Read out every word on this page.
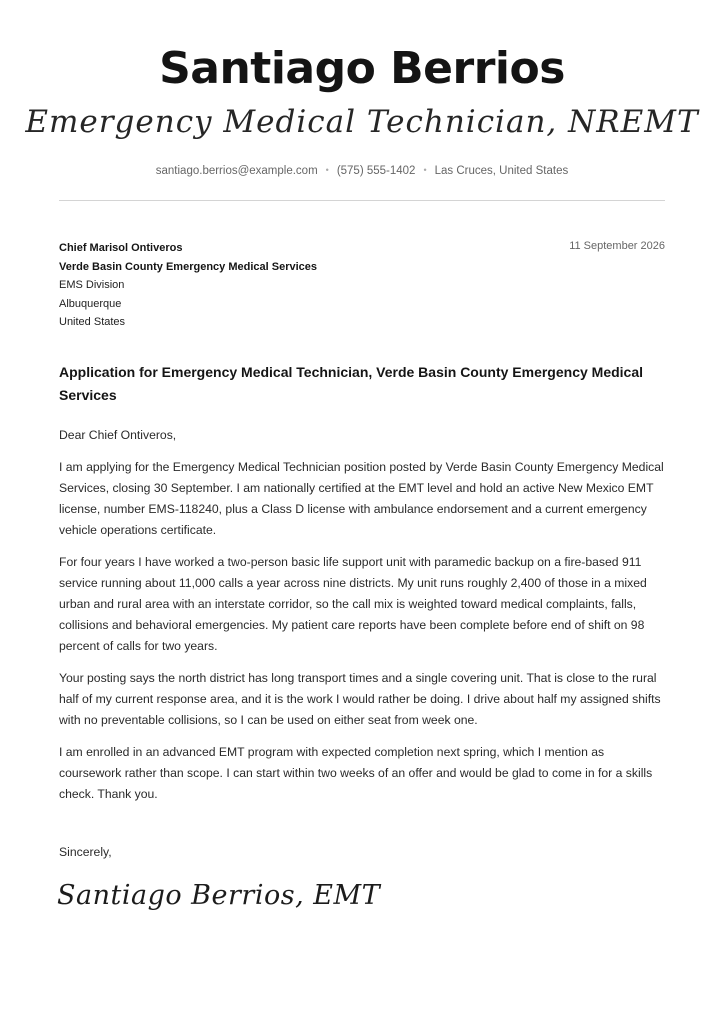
Santiago Berrios
Emergency Medical Technician, NREMT
santiago.berrios@example.com • (575) 555-1402 • Las Cruces, United States
11 September 2026
Chief Marisol Ontiveros
Verde Basin County Emergency Medical Services
EMS Division
Albuquerque
United States
Application for Emergency Medical Technician, Verde Basin County Emergency Medical Services

Dear Chief Ontiveros,

I am applying for the Emergency Medical Technician position posted by Verde Basin County Emergency Medical Services, closing 30 September. I am nationally certified at the EMT level and hold an active New Mexico EMT license, number EMS-118240, plus a Class D license with ambulance endorsement and a current emergency vehicle operations certificate.

For four years I have worked a two-person basic life support unit with paramedic backup on a fire-based 911 service running about 11,000 calls a year across nine districts. My unit runs roughly 2,400 of those in a mixed urban and rural area with an interstate corridor, so the call mix is weighted toward medical complaints, falls, collisions and behavioral emergencies. My patient care reports have been complete before end of shift on 98 percent of calls for two years.

Your posting says the north district has long transport times and a single covering unit. That is close to the rural half of my current response area, and it is the work I would rather be doing. I drive about half my assigned shifts with no preventable collisions, so I can be used on either seat from week one.

I am enrolled in an advanced EMT program with expected completion next spring, which I mention as coursework rather than scope. I can start within two weeks of an offer and would be glad to come in for a skills check. Thank you.

Sincerely,
Santiago Berrios, EMT
